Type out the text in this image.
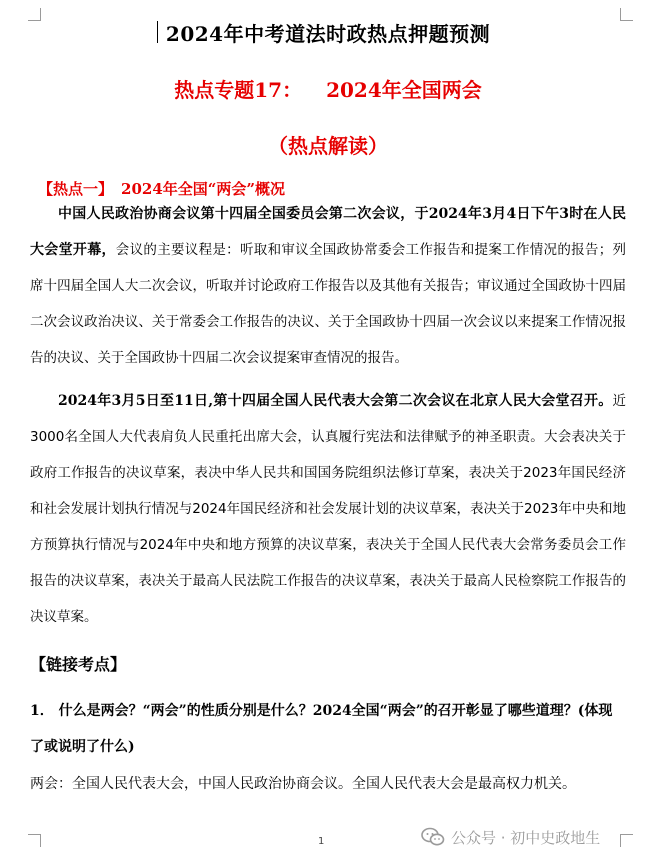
2024年中考道法时政热点押题预测
热点专题17： 2024年全国两会
（热点解读）
【热点一】 2024年全国“两会”概况
中国人民政治协商会议第十四届全国委员会第二次会议，于2024年3月4日下午3时在人民大会堂开幕，会议的主要议程是：听取和审议全国政协常委会工作报告和提案工作情况的报告；列席十四届全国人大二次会议，听取并讨论政府工作报告以及其他有关报告；审议通过全国政协十四届二次会议政治决议、关于常委会工作报告的决议、关于全国政协十四届一次会议以来提案工作情况报告的决议、关于全国政协十四届二次会议提案审查情况的报告。
2024年3月5日至11日,第十四届全国人民代表大会第二次会议在北京人民大会堂召开。近3000名全国人大代表肩负人民重托出席大会，认真履行宪法和法律赋予的神圣职责。大会表决关于政府工作报告的决议草案，表决中华人民共和国国务院组织法修订草案，表决关于2023年国民经济和社会发展计划执行情况与2024年国民经济和社会发展计划的决议草案，表决关于2023年中央和地方预算执行情况与2024年中央和地方预算的决议草案，表决关于全国人民代表大会常务委员会工作报告的决议草案，表决关于最高人民法院工作报告的决议草案，表决关于最高人民检察院工作报告的决议草案。
【链接考点】
1． 什么是两会？“两会”的性质分别是什么？2024全国“两会”的召开彰显了哪些道理？(体现了或说明了什么)
两会：全国人民代表大会，中国人民政治协商会议。全国人民代表大会是最高权力机关。
1	公众号 · 初中史政地生
